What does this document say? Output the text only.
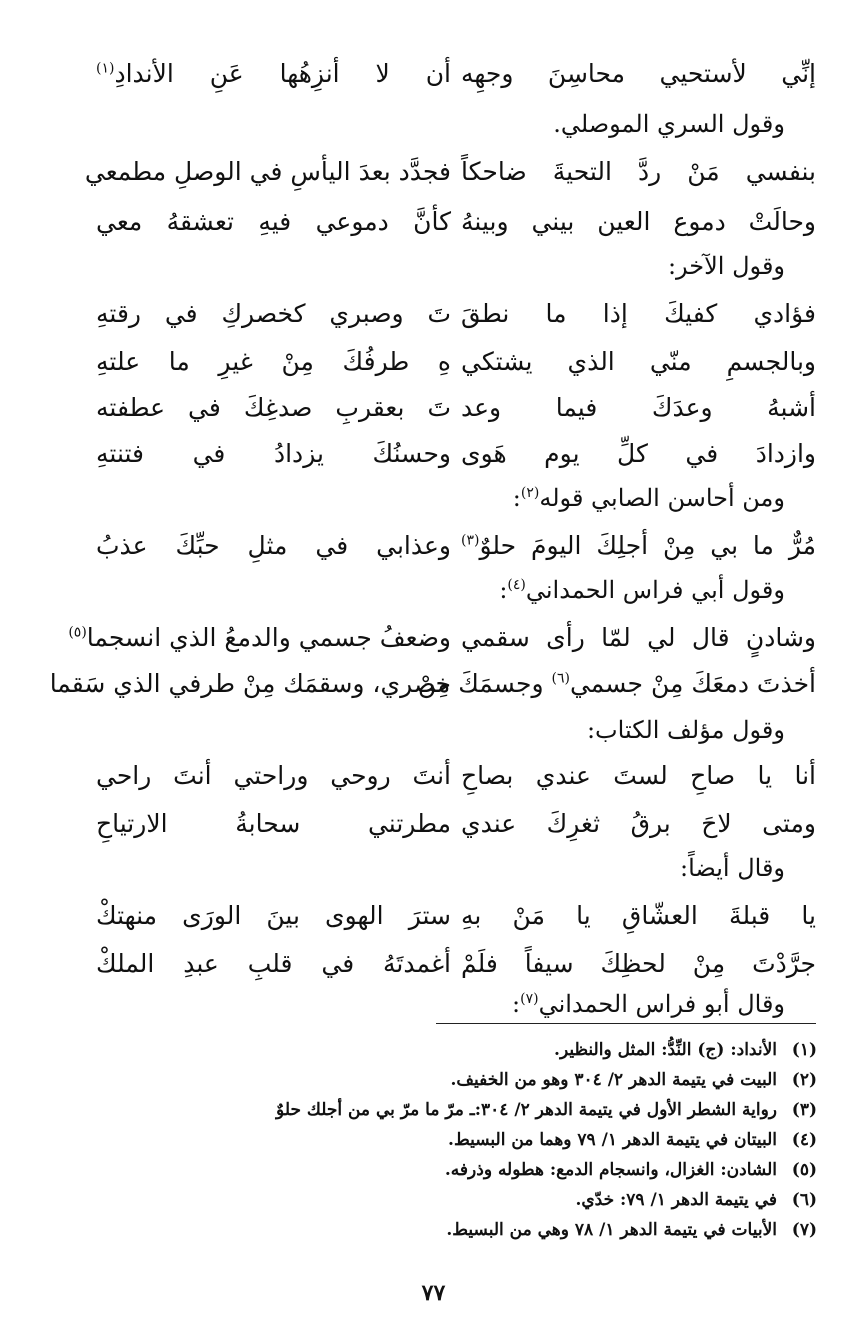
إنِّي لأستحيي محاسِنَ وجهِه
أن لا أنزِهُها عَنِ الأندادِ$^{(١)}$
وقول السري الموصلي.
بنفسي مَنْ ردَّ التحيةَ ضاحكاً
فجدَّد بعدَ اليأسِ في الوصلِ مطمعي
وحالَتْ دموع العين بيني وبينهُ
كأنَّ دموعي فيهِ تعشقهُ معي
وقول الآخر:
فؤادي كفيكَ إذا ما نطقَ
تَ وصبري كخصركِ في رقتهِ
وبالجسمِ منّي الذي يشتكي
هِ طرفُكَ مِنْ غيرِ ما علتهِ
أشبهُ وعدَكَ فيما وعد
تَ بعقربِ صدغِكَ في عطفته
وازدادَ في كلِّ يوم هَوى
وحسنُكَ يزدادُ في فتنتهِ
ومن أحاسن الصابي قوله$^{(٢)}$:
مُرٌّ ما بي مِنْ أجلِكَ اليومَ حلوٌ$^{(٣)}$
وعذابي في مثلِ حبِّكَ عذبُ
وقول أبي فراس الحمداني$^{(٤)}$:
وشادنٍ قال لي لمّا رأى سقمي
وضعفُ جسمي والدمعُ الذي انسجما$^{(٥)}$
أخذتَ دمعَكَ مِنْ جسمي$^{(٦)}$ وجسمَكَ مِنْ
خصري، وسقمَك مِنْ طرفي الذي سَقما
وقول مؤلف الكتاب:
أنا يا صاحِ لستَ عندي بصاحِ
أنتَ روحي وراحتي أنتَ راحي
ومتى لاحَ برقُ ثغرِكَ عندي
مطرتني سحابةُ الارتياحِ
وقال أيضاً:
يا قبلةَ العشّاقِ يا مَنْ بهِ
سترَ الهوى بينَ الورَى منهتكْ
جرَّدْتَ مِنْ لحظِكَ سيفاً فلَمْ
أغمدتَهُ في قلبِ عبدِ الملكْ
وقال أبو فراس الحمداني$^{(٧)}$:
(١)الأنداد: (ج) النِّدُّ: المثل والنظير.
(٢)البيت في يتيمة الدهر ٢/ ٣٠٤ وهو من الخفيف.
(٣)رواية الشطر الأول في يتيمة الدهر ٢/ ٣٠٤:ـ مرّ ما مرّ بي من أجلك حلوٌ
(٤)البيتان في يتيمة الدهر ١/ ٧٩ وهما من البسيط.
(٥)الشادن: الغزال، وانسجام الدمع: هطوله وذرفه.
(٦)في يتيمة الدهر ١/ ٧٩: خدّي.
(٧)الأبيات في يتيمة الدهر ١/ ٧٨ وهي من البسيط.
٧٧
